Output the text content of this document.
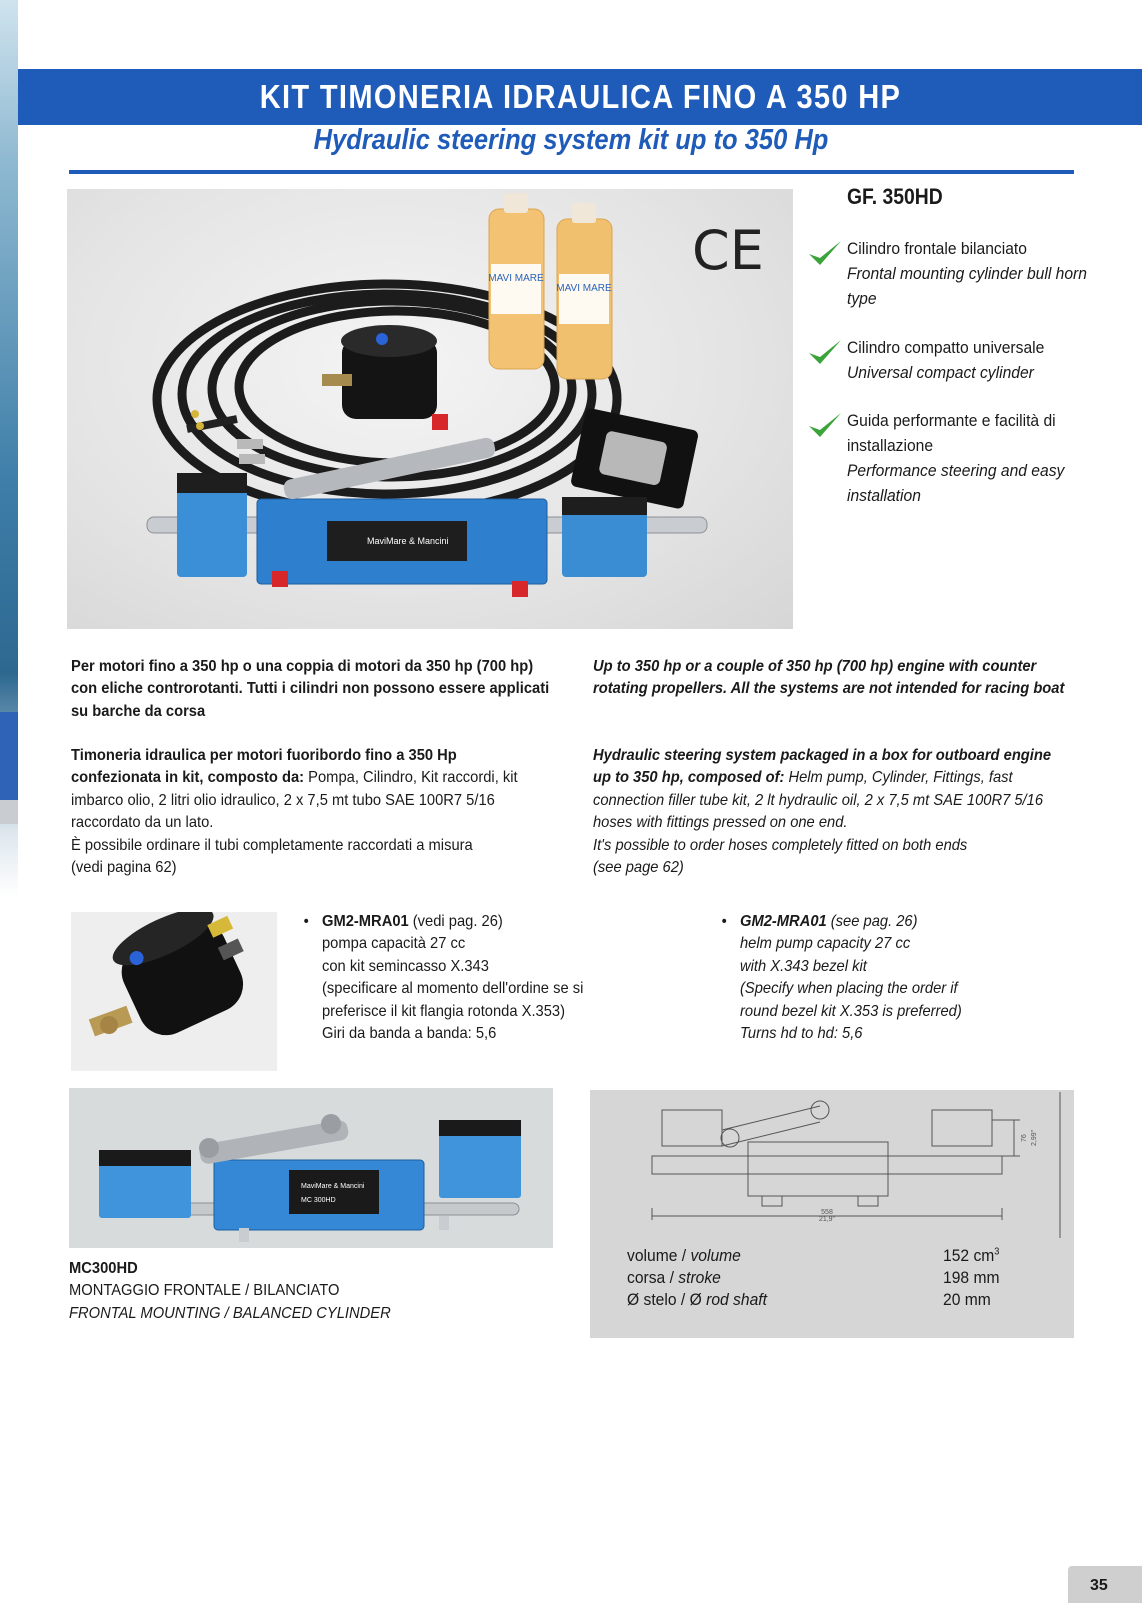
KIT TIMONERIA IDRAULICA FINO A 350 HP
Hydraulic steering system kit up to 350 Hp
MAVI MARE
MAVI MARE
CE
MaviMare & Mancini
GF. 350HD
Cilindro frontale bilanciato
Frontal mounting cylinder bull horn type
Cilindro compatto universale
Universal compact cylinder
Guida performante e facilità di installazione
Performance steering and easy installation
Per motori fino a 350 hp o una coppia di motori da 350 hp (700 hp) con eliche controrotanti. Tutti i cilindri non possono essere applicati su barche da corsa
Up to 350 hp or a couple of 350 hp (700 hp) engine with counter rotating propellers. All the systems are not intended for racing boat
Timoneria idraulica per motori fuoribordo fino a 350 Hp confezionata in kit, composto da: Pompa, Cilindro, Kit raccordi, kit imbarco olio, 2 litri olio idraulico, 2 x 7,5 mt tubo SAE 100R7 5/16 raccordato da un lato.
È possibile ordinare il tubi completamente raccordati a misura
(vedi pagina 62)
Hydraulic steering system packaged in a box for outboard engine up to 350 hp, composed of: Helm pump, Cylinder, Fittings, fast connection filler tube kit, 2 lt hydraulic oil, 2 x 7,5 mt SAE 100R7 5/16 hoses with fittings pressed on one end.
It's possible to order hoses completely fitted on both ends
(see page 62)
• GM2-MRA01 (vedi pag. 26)
pompa capacità 27 cc
con kit semincasso X.343
(specificare al momento dell'ordine se si
preferisce il kit flangia rotonda X.353)
Giri da banda a banda: 5,6
• GM2-MRA01 (see pag. 26)
helm pump capacity 27 cc
with X.343 bezel kit
(Specify when placing the order if
round bezel kit X.353 is preferred)
Turns hd to hd: 5,6
MaviMare & Mancini
MC 300HD
MC300HD
MONTAGGIO FRONTALE / BILANCIATO
FRONTAL MOUNTING / BALANCED CYLINDER
558
21,9"
76 2,99"
volume / volume	152 $cm^3$
corsa / stroke	198 mm
Ø stelo / Ø rod shaft	20 mm
35
